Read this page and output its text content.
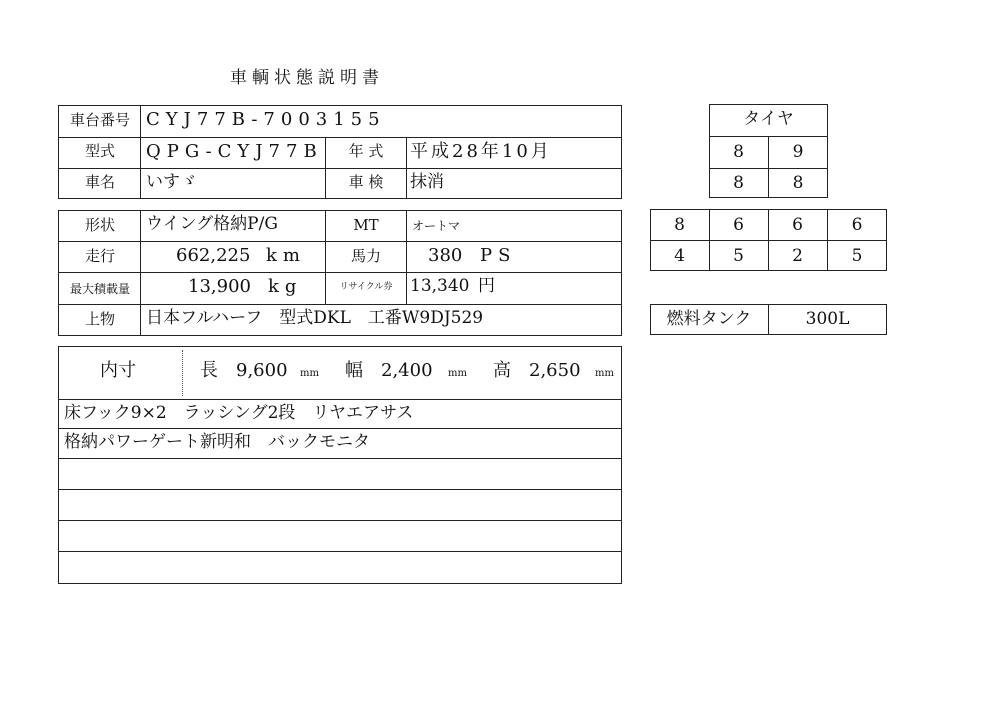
車輌状態説明書
車台番号 CYJ77B-7003155
型式	QPG-CYJ77B	年 式	平成28年10月
車名	いすゞ	車 検	抹消
形状	ウイング格納P/G	MT	オートマ
走行	662,225 km	馬力	380 PS
最大積載量	13,900 kg	リサイクル券	13,340 円
上物	日本フルハーフ　型式DKL　工番W9DJ529
内寸	長 9,600 mm 幅 2,400 mm 高 2,650 mm
床フック9×2　ラッシング2段　リヤエアサス
格納パワーゲート新明和　バックモニタ
タイヤ
8	9
8	8
8	6	6	6
4	5	2	5
燃料タンク	300L
